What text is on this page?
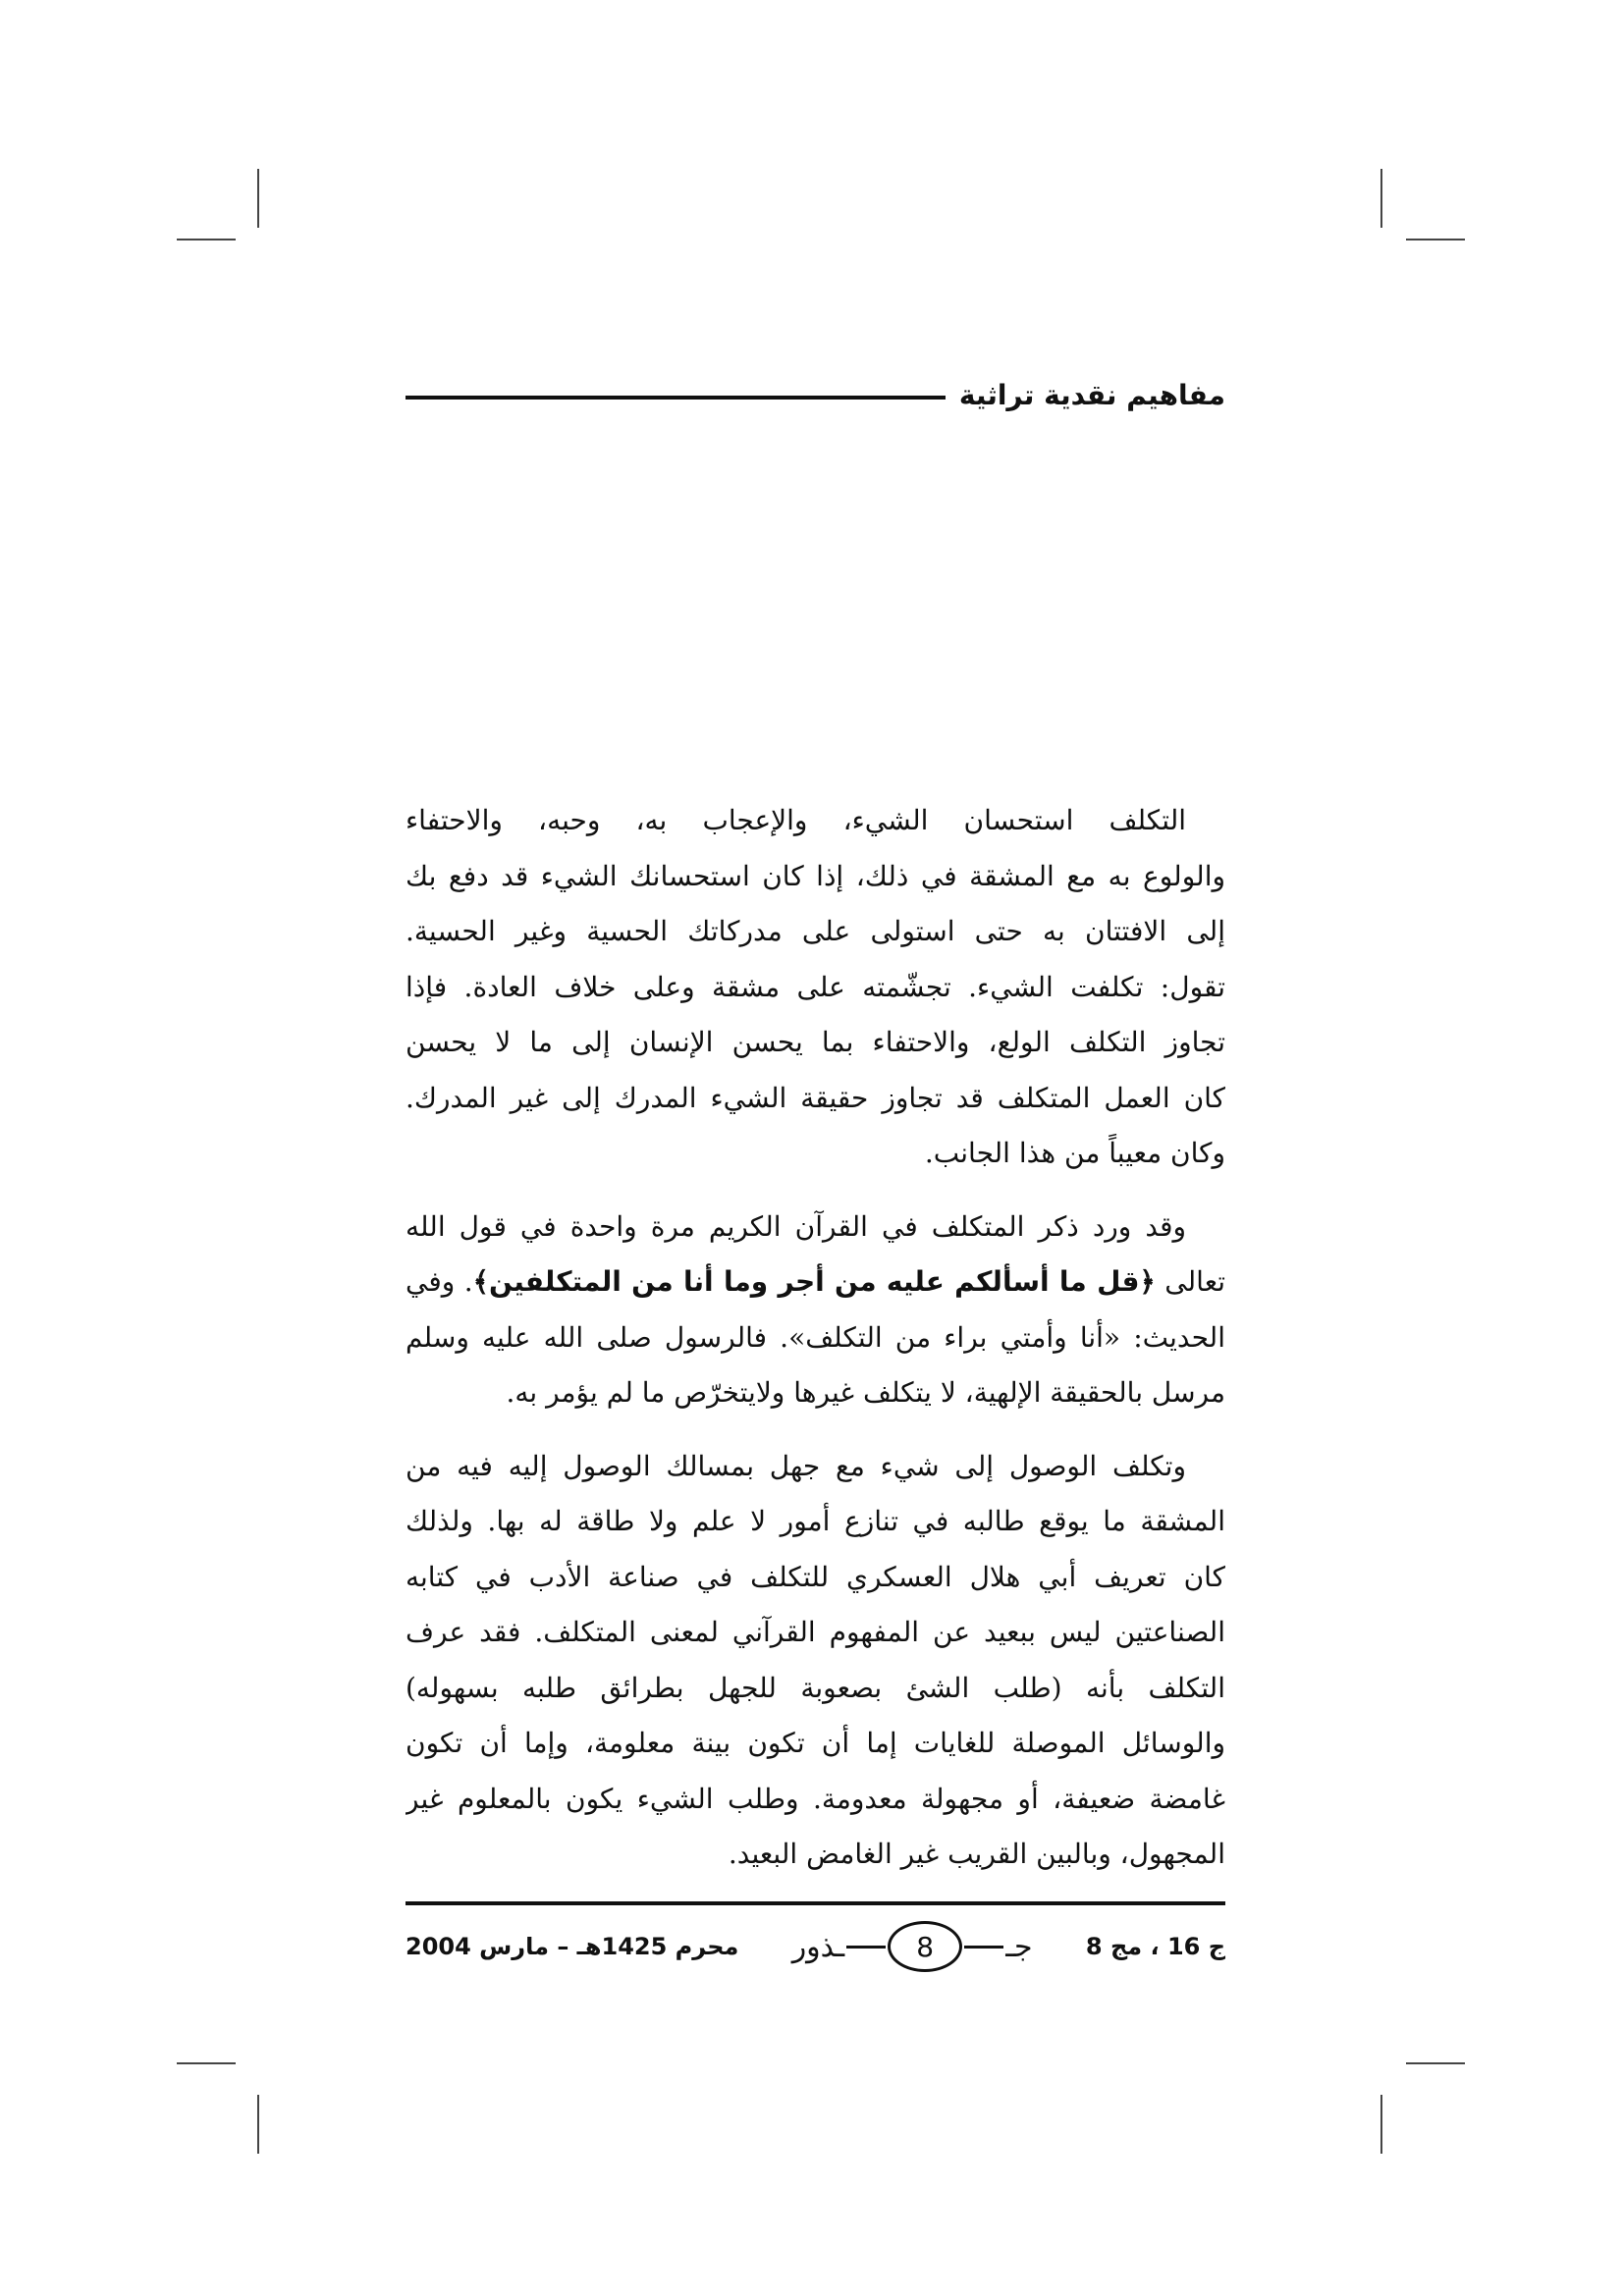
مفاهيم نقدية تراثية
التكلف استحسان الشيء، والإعجاب به، وحبه، والاحتفاء
والولوع به مع المشقة في ذلك، إذا كان استحسانك الشيء قد دفع بك
إلى الافتتان به حتى استولى على مدركاتك الحسية وغير الحسية.
تقول: تكلفت الشيء. تجشّمته على مشقة وعلى خلاف العادة. فإذا
تجاوز التكلف الولع، والاحتفاء بما يحسن الإنسان إلى ما لا يحسن
كان العمل المتكلف قد تجاوز حقيقة الشيء المدرك إلى غير المدرك.
وكان معيباً من هذا الجانب.
وقد ورد ذكر المتكلف في القرآن الكريم مرة واحدة في قول الله
تعالى ﴿قل ما أسألكم عليه من أجر وما أنا من المتكلفين﴾. وفي
الحديث: «أنا وأمتي براء من التكلف». فالرسول صلى الله عليه وسلم
مرسل بالحقيقة الإلهية، لا يتكلف غيرها ولايتخرّص ما لم يؤمر به.
وتكلف الوصول إلى شيء مع جهل بمسالك الوصول إليه فيه من
المشقة ما يوقع طالبه في تنازع أمور لا علم ولا طاقة له بها. ولذلك
كان تعريف أبي هلال العسكري للتكلف في صناعة الأدب في كتابه
الصناعتين ليس ببعيد عن المفهوم القرآني لمعنى المتكلف. فقد عرف
التكلف بأنه (طلب الشئ بصعوبة للجهل بطرائق طلبه بسهوله)
والوسائل الموصلة للغايات إما أن تكون بينة معلومة، وإما أن تكون
غامضة ضعيفة، أو مجهولة معدومة. وطلب الشيء يكون بالمعلوم غير
المجهول، وبالبين القريب غير الغامض البعيد.
ج 16 ، مج 8
جـ
8
ـذور
محرم 1425هـ – مارس 2004
